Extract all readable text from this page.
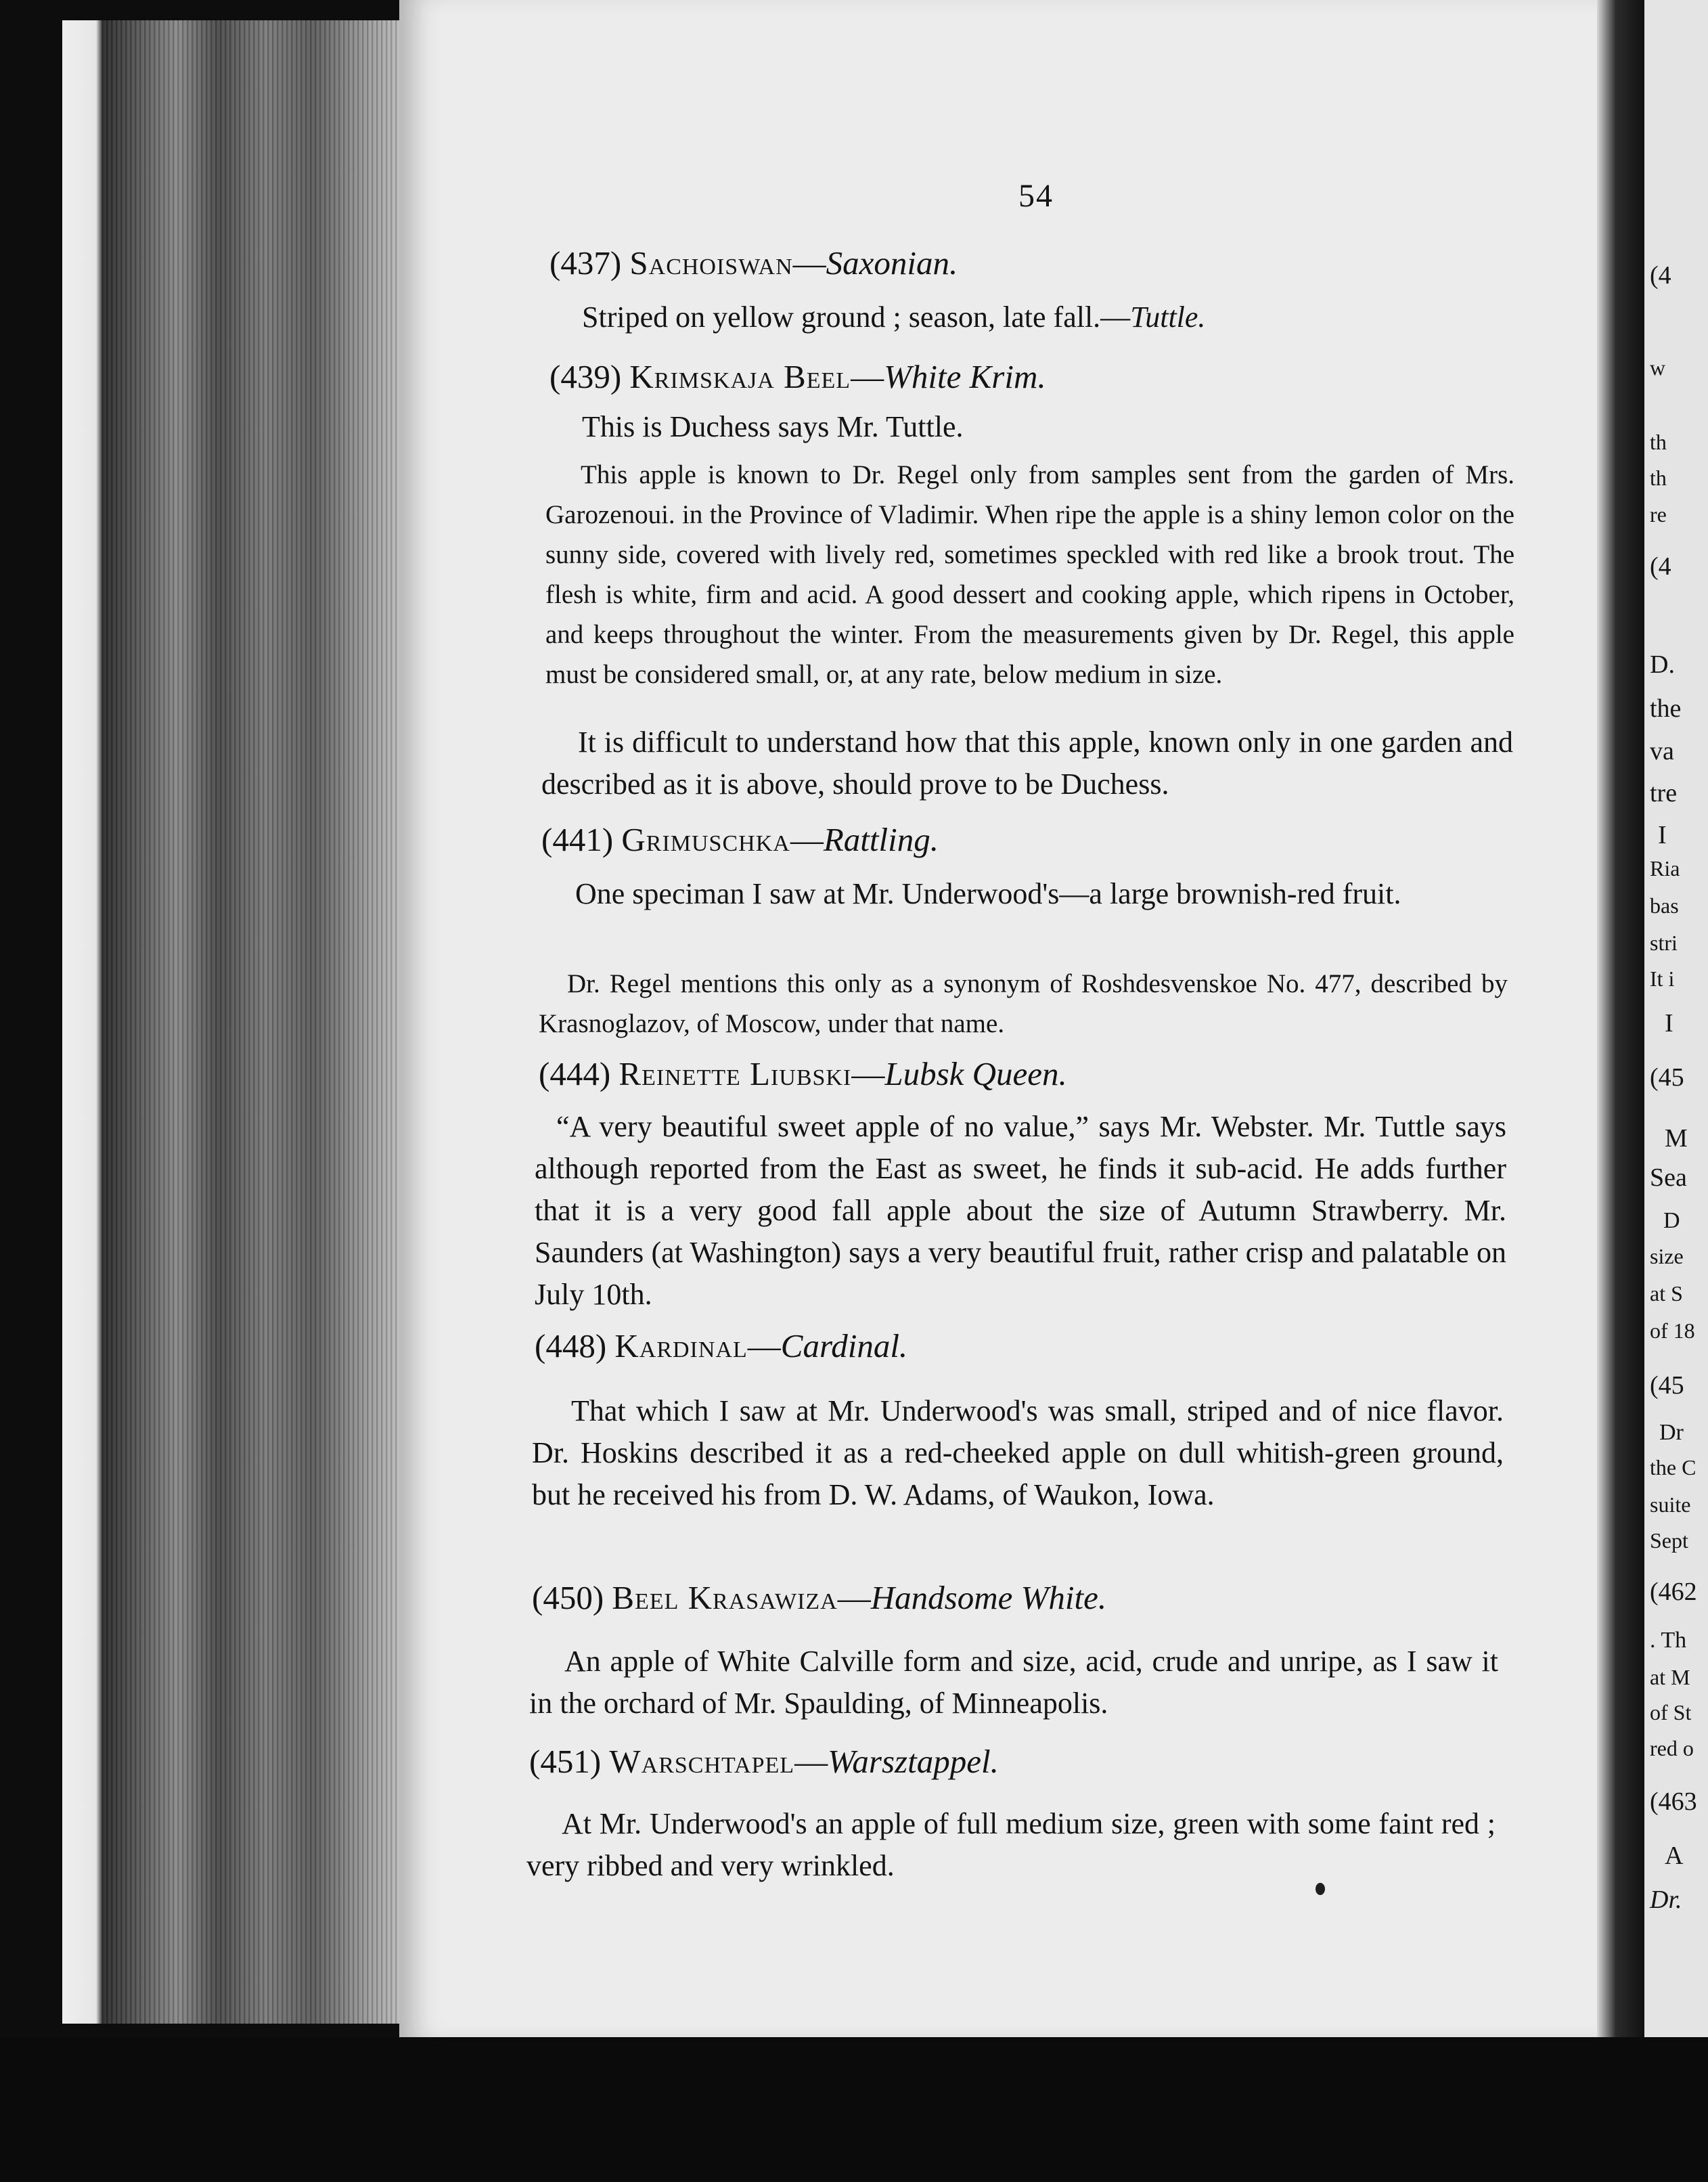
(4
w
th
th
re
(4
D.
the
va
tre
I
Ria
bas
stri
It i
I
(45
M
Sea
D
size
at S
of 18
(45
Dr
the C
suite
Sept
(462
. Th
at M
of St
red o
(463
A
Dr.
54
(437) Sachoiswan—Saxonian.
Striped on yellow ground ; season, late fall.—Tuttle.
(439) Krimskaja Beel—White Krim.
This is Duchess says Mr. Tuttle.
This apple is known to Dr. Regel only from samples sent from the garden of Mrs. Garozenoui. in the Province of Vladimir. When ripe the apple is a shiny lemon color on the sunny side, covered with lively red, sometimes speckled with red like a brook trout. The flesh is white, firm and acid. A good dessert and cooking apple, which ripens in October, and keeps throughout the winter. From the measurements given by Dr. Regel, this apple must be considered small, or, at any rate, below medium in size.
It is difficult to understand how that this apple, known only in one garden and described as it is above, should prove to be Duchess.
(441) Grimuschka—Rattling.
One speciman I saw at Mr. Underwood's—a large brownish-red fruit.
Dr. Regel mentions this only as a synonym of Roshdesvenskoe No. 477, described by Krasnoglazov, of Moscow, under that name.
(444) Reinette Liubski—Lubsk Queen.
“A very beautiful sweet apple of no value,” says Mr. Webster. Mr. Tuttle says although reported from the East as sweet, he finds it sub-acid. He adds further that it is a very good fall apple about the size of Autumn Strawberry. Mr. Saunders (at Washington) says a very beautiful fruit, rather crisp and palatable on July 10th.
(448) Kardinal—Cardinal.
That which I saw at Mr. Underwood's was small, striped and of nice flavor. Dr. Hoskins described it as a red-cheeked apple on dull whitish-green ground, but he received his from D. W. Adams, of Waukon, Iowa.
(450) Beel Krasawiza—Handsome White.
An apple of White Calville form and size, acid, crude and unripe, as I saw it in the orchard of Mr. Spaulding, of Minneapolis.
(451) Warschtapel—Warsztappel.
At Mr. Underwood's an apple of full medium size, green with some faint red ; very ribbed and very wrinkled.
